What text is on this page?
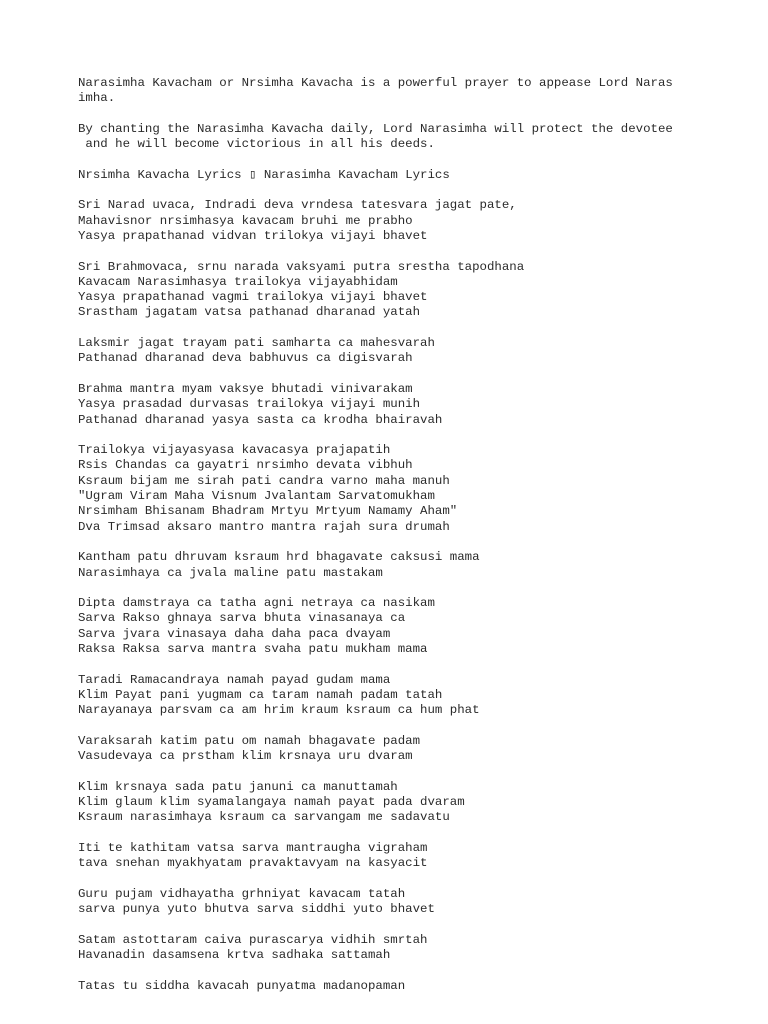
Narasimha Kavacham or Nrsimha Kavacha is a powerful prayer to appease Lord Naras
imha.
By chanting the Narasimha Kavacha daily, Lord Narasimha will protect the devotee
and he will become victorious in all his deeds.
Nrsimha Kavacha Lyrics ▯ Narasimha Kavacham Lyrics
Sri Narad uvaca, Indradi deva vrndesa tatesvara jagat pate,
Mahavisnor nrsimhasya kavacam bruhi me prabho
Yasya prapathanad vidvan trilokya vijayi bhavet
Sri Brahmovaca, srnu narada vaksyami putra srestha tapodhana
Kavacam Narasimhasya trailokya vijayabhidam
Yasya prapathanad vagmi trailokya vijayi bhavet
Srastham jagatam vatsa pathanad dharanad yatah
Laksmir jagat trayam pati samharta ca mahesvarah
Pathanad dharanad deva babhuvus ca digisvarah
Brahma mantra myam vaksye bhutadi vinivarakam
Yasya prasadad durvasas trailokya vijayi munih
Pathanad dharanad yasya sasta ca krodha bhairavah
Trailokya vijayasyasa kavacasya prajapatih
Rsis Chandas ca gayatri nrsimho devata vibhuh
Ksraum bijam me sirah pati candra varno maha manuh
"Ugram Viram Maha Visnum Jvalantam Sarvatomukham
Nrsimham Bhisanam Bhadram Mrtyu Mrtyum Namamy Aham"
Dva Trimsad aksaro mantro mantra rajah sura drumah
Kantham patu dhruvam ksraum hrd bhagavate caksusi mama
Narasimhaya ca jvala maline patu mastakam
Dipta damstraya ca tatha agni netraya ca nasikam
Sarva Rakso ghnaya sarva bhuta vinasanaya ca
Sarva jvara vinasaya daha daha paca dvayam
Raksa Raksa sarva mantra svaha patu mukham mama
Taradi Ramacandraya namah payad gudam mama
Klim Payat pani yugmam ca taram namah padam tatah
Narayanaya parsvam ca am hrim kraum ksraum ca hum phat
Varaksarah katim patu om namah bhagavate padam
Vasudevaya ca prstham klim krsnaya uru dvaram
Klim krsnaya sada patu januni ca manuttamah
Klim glaum klim syamalangaya namah payat pada dvaram
Ksraum narasimhaya ksraum ca sarvangam me sadavatu
Iti te kathitam vatsa sarva mantraugha vigraham
tava snehan myakhyatam pravaktavyam na kasyacit
Guru pujam vidhayatha grhniyat kavacam tatah
sarva punya yuto bhutva sarva siddhi yuto bhavet
Satam astottaram caiva purascarya vidhih smrtah
Havanadin dasamsena krtva sadhaka sattamah
Tatas tu siddha kavacah punyatma madanopaman
